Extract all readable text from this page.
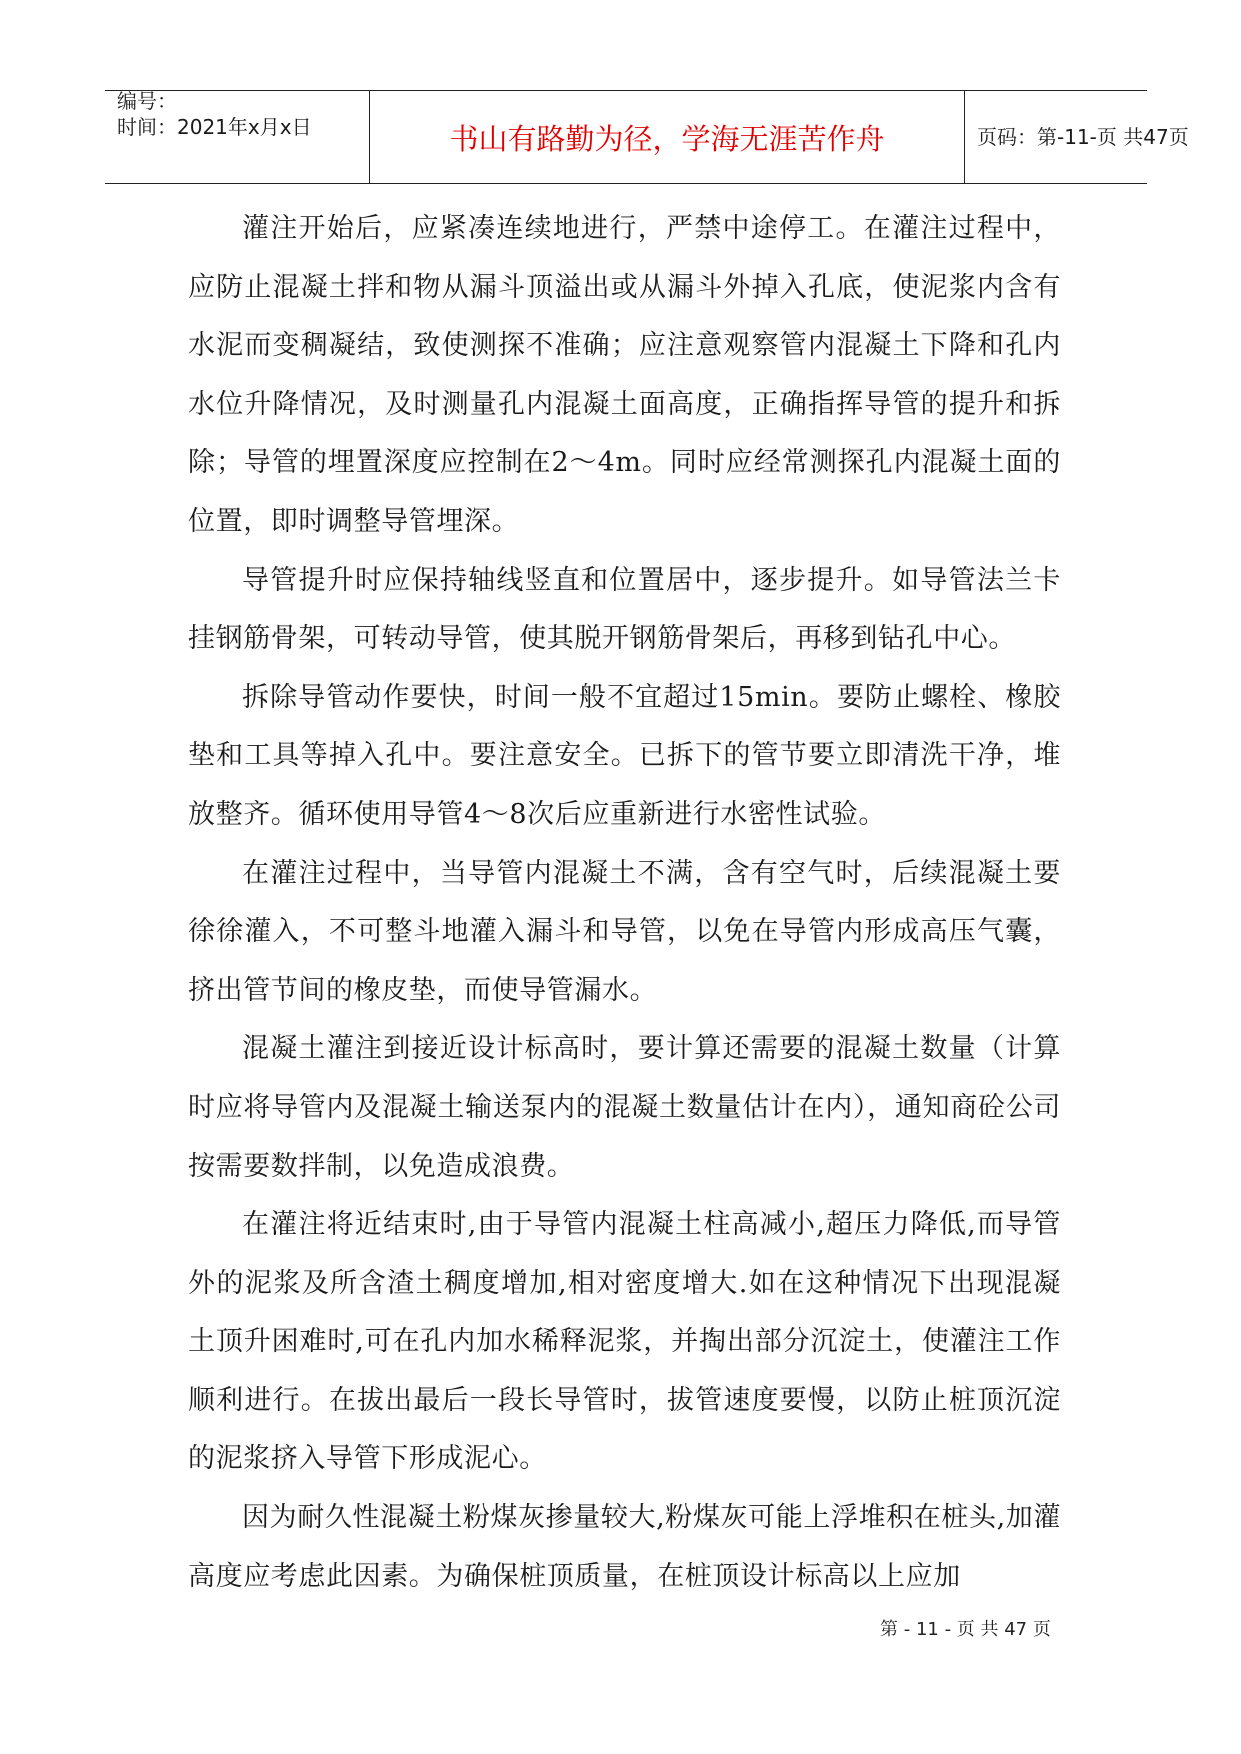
编号：
时间：2021年x月x日	书山有路勤为径，学海无涯苦作舟	页码：第-11-页 共47页

灌注开始后，应紧凑连续地进行，严禁中途停工。在灌注过程中，应防止混凝土拌和物从漏斗顶溢出或从漏斗外掉入孔底，使泥浆内含有水泥而变稠凝结，致使测探不准确；应注意观察管内混凝土下降和孔内水位升降情况，及时测量孔内混凝土面高度，正确指挥导管的提升和拆除；导管的埋置深度应控制在2～4m。同时应经常测探孔内混凝土面的位置，即时调整导管埋深。

导管提升时应保持轴线竖直和位置居中，逐步提升。如导管法兰卡挂钢筋骨架，可转动导管，使其脱开钢筋骨架后，再移到钻孔中心。

拆除导管动作要快，时间一般不宜超过15min。要防止螺栓、橡胶垫和工具等掉入孔中。要注意安全。已拆下的管节要立即清洗干净，堆放整齐。循环使用导管4～8次后应重新进行水密性试验。

在灌注过程中，当导管内混凝土不满，含有空气时，后续混凝土要徐徐灌入，不可整斗地灌入漏斗和导管，以免在导管内形成高压气囊，挤出管节间的橡皮垫，而使导管漏水。

混凝土灌注到接近设计标高时，要计算还需要的混凝土数量（计算时应将导管内及混凝土输送泵内的混凝土数量估计在内），通知商砼公司按需要数拌制，以免造成浪费。

在灌注将近结束时,由于导管内混凝土柱高减小,超压力降低,而导管外的泥浆及所含渣土稠度增加,相对密度增大.如在这种情况下出现混凝土顶升困难时,可在孔内加水稀释泥浆，并掏出部分沉淀土，使灌注工作顺利进行。在拔出最后一段长导管时，拔管速度要慢，以防止桩顶沉淀的泥浆挤入导管下形成泥心。

因为耐久性混凝土粉煤灰掺量较大,粉煤灰可能上浮堆积在桩头,加灌高度应考虑此因素。为确保桩顶质量，在桩顶设计标高以上应加

第 - 11 - 页 共 47 页
